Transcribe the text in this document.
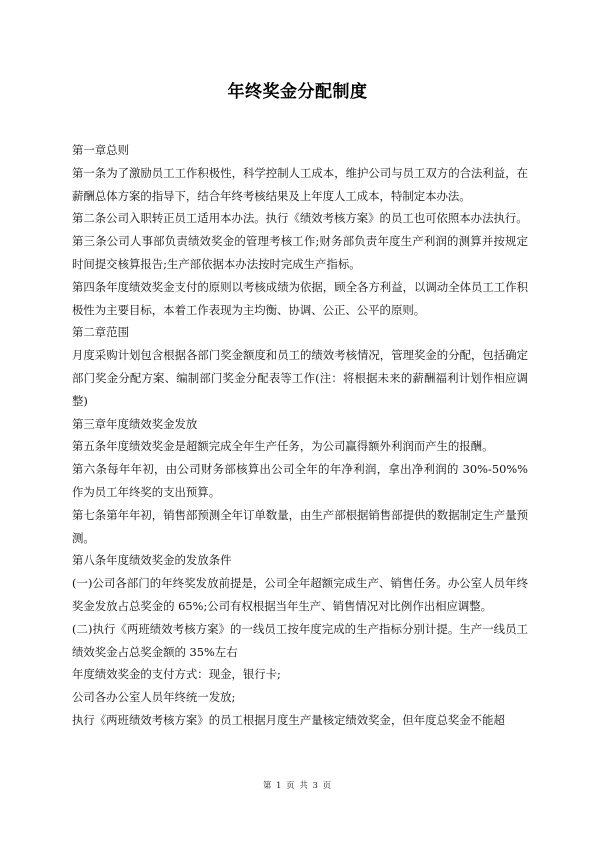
年终奖金分配制度

第一章总则

第一条为了激励员工工作积极性，科学控制人工成本，维护公司与员工双方的合法利益，在薪酬总体方案的指导下，结合年终考核结果及上年度人工成本，特制定本办法。

第二条公司入职转正员工适用本办法。执行《绩效考核方案》的员工也可依照本办法执行。

第三条公司人事部负责绩效奖金的管理考核工作;财务部负责年度生产利润的测算并按规定时间提交核算报告;生产部依据本办法按时完成生产指标。

第四条年度绩效奖金支付的原则以考核成绩为依据，顾全各方利益，以调动全体员工工作积极性为主要目标，本着工作表现为主均衡、协调、公正、公平的原则。

第二章范围

月度采购计划包含根据各部门奖金额度和员工的绩效考核情况，管理奖金的分配，包括确定部门奖金分配方案、编制部门奖金分配表等工作(注：将根据未来的薪酬福利计划作相应调整)

第三章年度绩效奖金发放

第五条年度绩效奖金是超额完成全年生产任务，为公司赢得额外利润而产生的报酬。

第六条每年年初，由公司财务部核算出公司全年的年净利润，拿出净利润的 30%-50%%作为员工年终奖的支出预算。

第七条第年年初，销售部预测全年订单数量，由生产部根据销售部提供的数据制定生产量预测。

第八条年度绩效奖金的发放条件

(一)公司各部门的年终奖发放前提是，公司全年超额完成生产、销售任务。办公室人员年终奖金发放占总奖金的 65%;公司有权根据当年生产、销售情况对比例作出相应调整。

(二)执行《两班绩效考核方案》的一线员工按年度完成的生产指标分别计提。生产一线员工绩效奖金占总奖金额的 35%左右

年度绩效奖金的支付方式：现金，银行卡;

公司各办公室人员年终统一发放;

执行《两班绩效考核方案》的员工根据月度生产量核定绩效奖金，但年度总奖金不能超

第 1 页 共 3 页
